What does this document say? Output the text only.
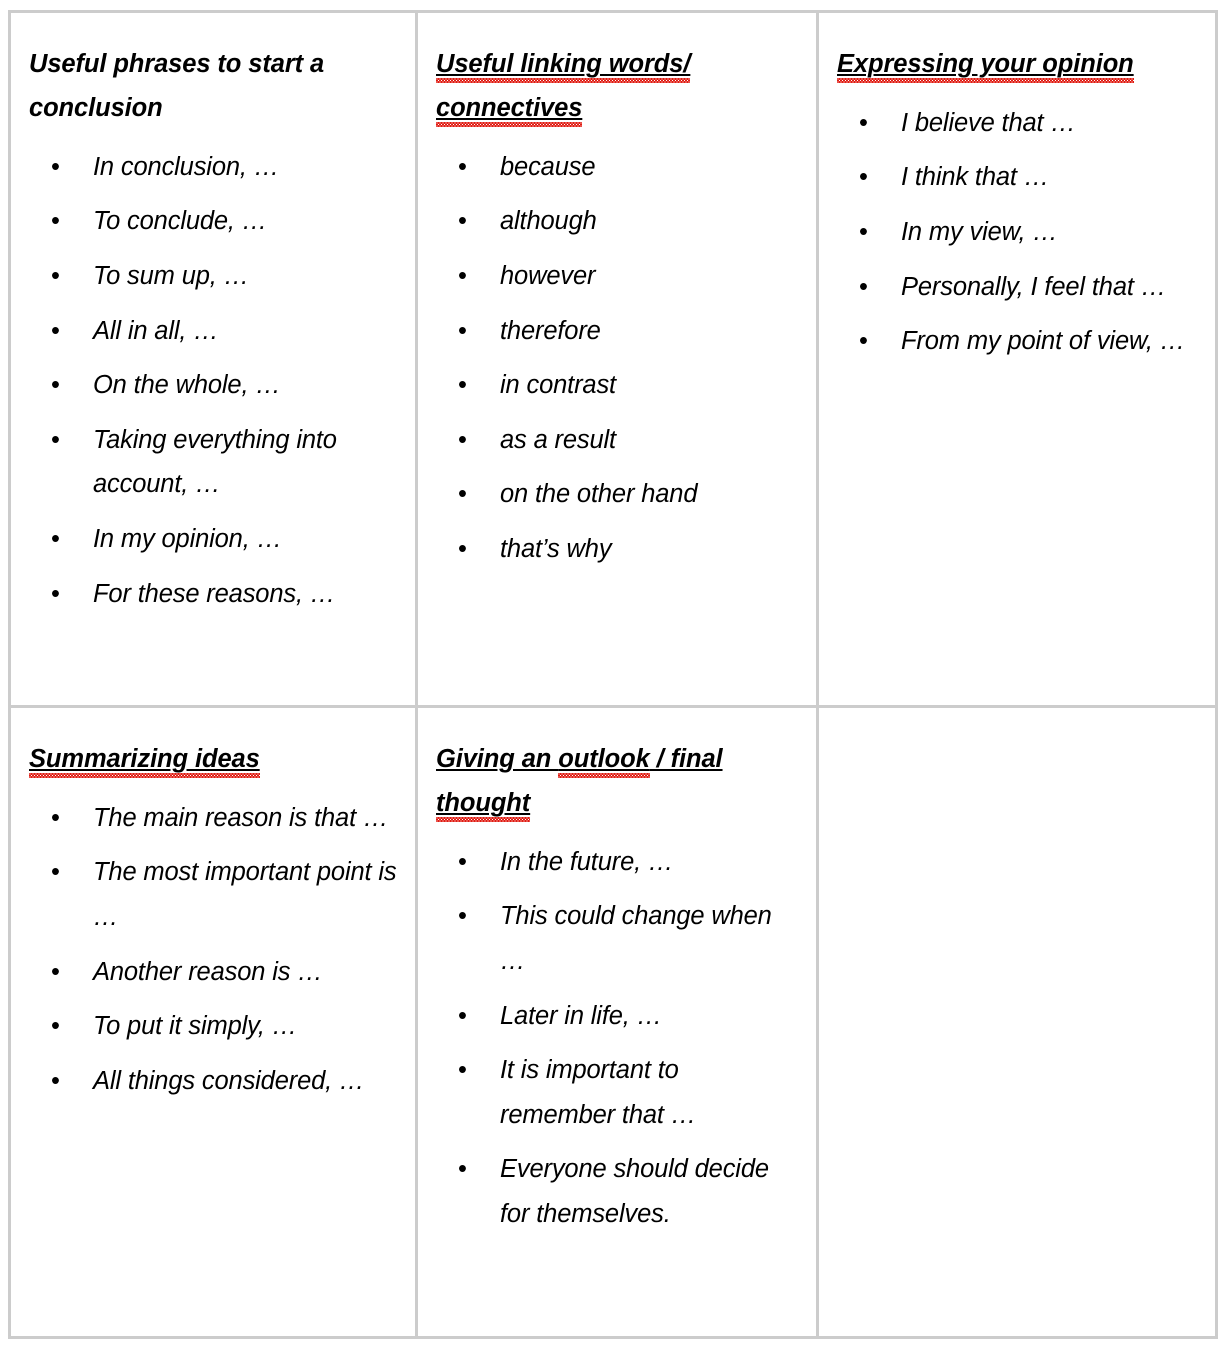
Useful phrases to start a conclusion
• In conclusion, …
• To conclude, …
• To sum up, …
• All in all, …
• On the whole, …
• Taking everything into account, …
• In my opinion, …
• For these reasons, …

Useful linking words/
connectives
• because
• although
• however
• therefore
• in contrast
• as a result
• on the other hand
• that’s why

Expressing your opinion
• I believe that …
• I think that …
• In my view, …
• Personally, I feel that …
• From my point of view, …

Summarizing ideas
• The main reason is that …
• The most important point is …
• Another reason is …
• To put it simply, …
• All things considered, …

Giving an outlook / final thought
• In the future, …
• This could change when …
• Later in life, …
• It is important to remember that …
• Everyone should decide for themselves.
